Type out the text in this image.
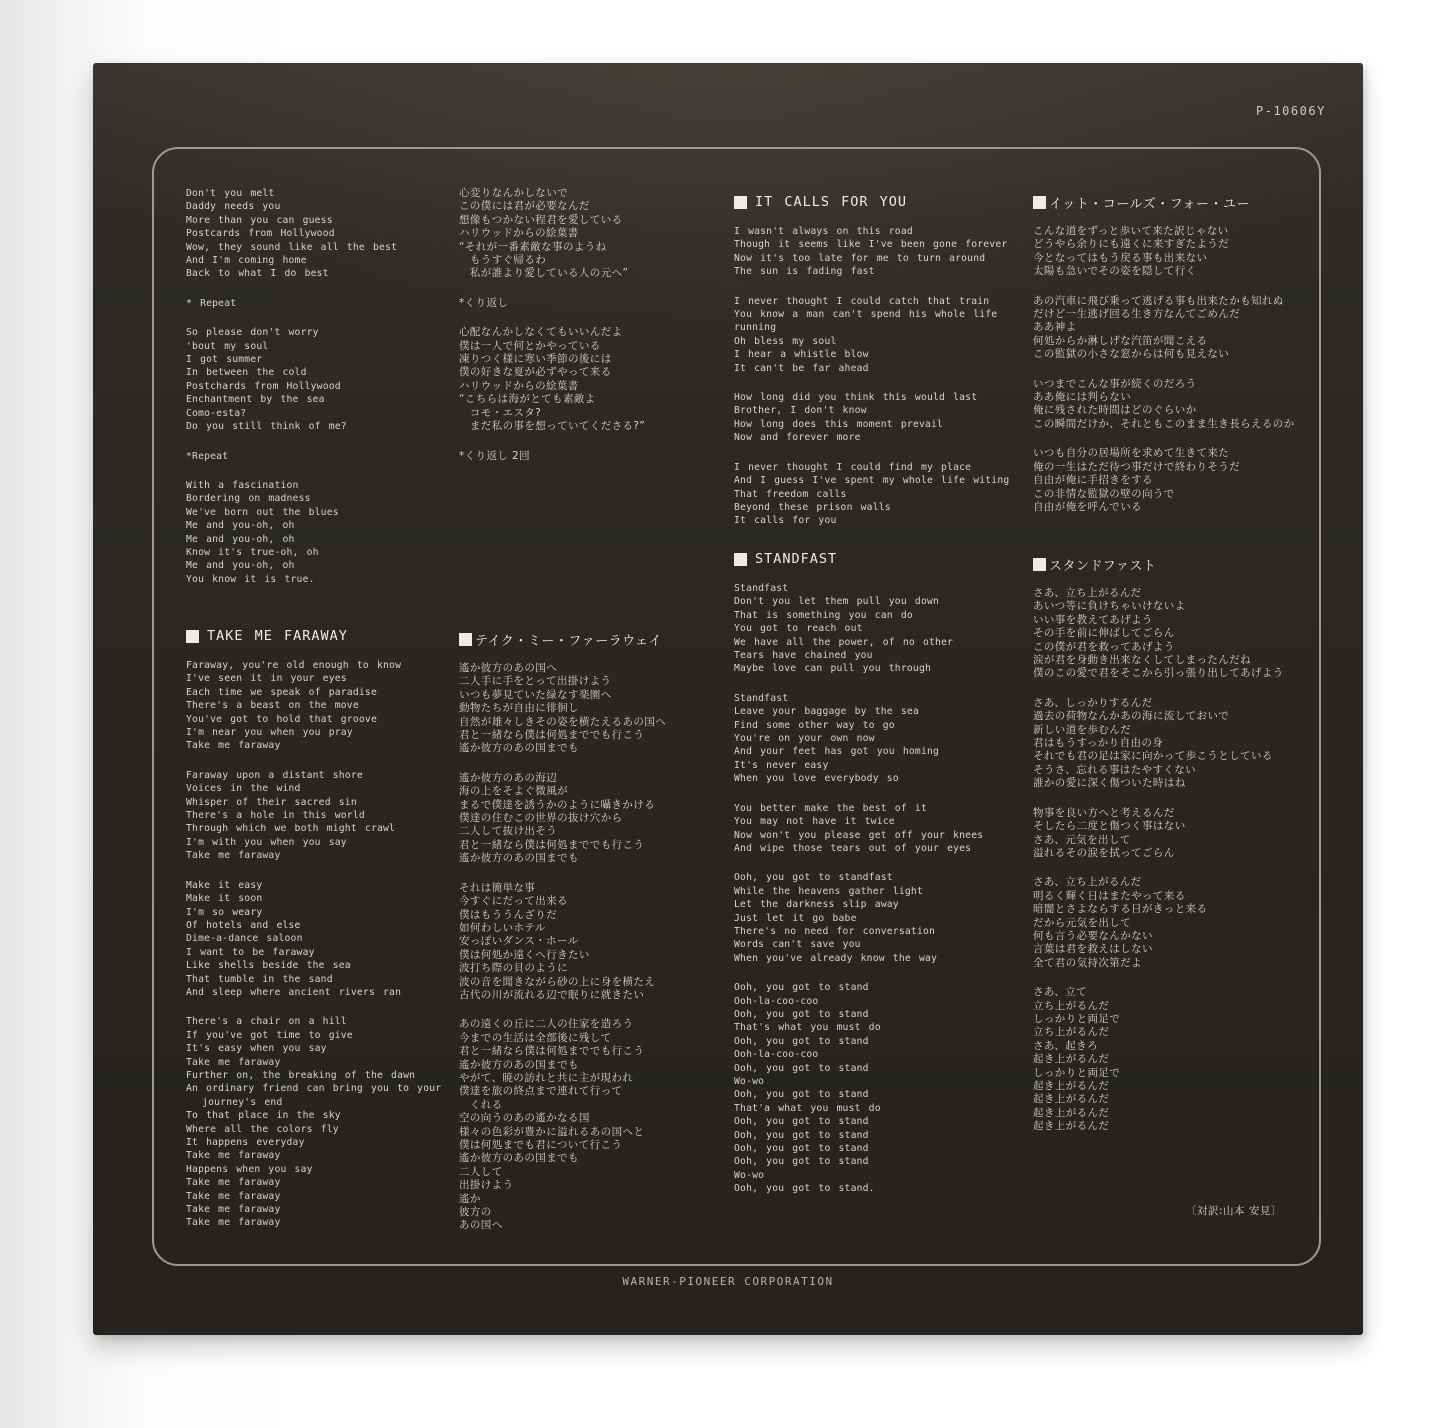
P-10606Y
Don't you melt
Daddy needs you
More than you can guess
Postcards from Hollywood
Wow, they sound like all the best
And I'm coming home
Back to what I do best
* Repeat
So please don't worry
'bout my soul
I got summer
In between the cold
Postchards from Hollywood
Enchantment by the sea
Como-esta?
Do you still think of me?
*Repeat
With a fascination
Bordering on madness
We've born out the blues
Me and you-oh, oh
Me and you-oh, oh
Know it's true-oh, oh
Me and you-oh, oh
You know it is true.
TAKE ME FARAWAY
Faraway, you're old enough to know
I've seen it in your eyes
Each time we speak of paradise
There's a beast on the move
You've got to hold that groove
I'm near you when you pray
Take me faraway
Faraway upon a distant shore
Voices in the wind
Whisper of their sacred sin
There's a hole in this world
Through which we both might crawl
I'm with you when you say
Take me faraway
Make it easy
Make it soon
I'm so weary
Of hotels and else
Dime-a-dance saloon
I want to be faraway
Like shells beside the sea
That tumble in the sand
And sleep where ancient rivers ran
There's a chair on a hill
If you've got time to give
It's easy when you say
Take me faraway
Further on, the breaking of the dawn
An ordinary friend can bring you to your
journey's end
To that place in the sky
Where all the colors fly
It happens everyday
Take me faraway
Happens when you say
Take me faraway
Take me faraway
Take me faraway
Take me faraway
心変りなんかしないで
この僕には君が必要なんだ
想像もつかない程君を愛している
ハリウッドからの絵葉書
“それが一番素敵な事のようね
　もうすぐ帰るわ
　私が誰より愛している人の元へ”
*くり返し
心配なんかしなくてもいいんだよ
僕は一人で何とかやっている
凍りつく様に寒い季節の後には
僕の好きな夏が必ずやって来る
ハリウッドからの絵葉書
“こちらは海がとても素敵よ
　コモ・エスタ?
　まだ私の事を想っていてくださる?”
*くり返し 2回
テイク・ミー・ファーラウェイ
遙か彼方のあの国へ
二人手に手をとって出掛けよう
いつも夢見ていた緑なす楽園へ
動物たちが自由に徘徊し
自然が雄々しきその姿を横たえるあの国へ
君と一緒なら僕は何処まででも行こう
遙か彼方のあの国までも
遙か彼方のあの海辺
海の上をそよぐ微風が
まるで僕達を誘うかのように囁きかける
僕達の住むこの世界の抜け穴から
二人して抜け出そう
君と一緒なら僕は何処まででも行こう
遙か彼方のあの国までも
それは簡単な事
今すぐにだって出来る
僕はもううんざりだ
如何わしいホテル
安っぽいダンス・ホール
僕は何処か遠くへ行きたい
波打ち際の貝のように
波の音を聞きながら砂の上に身を横たえ
古代の川が流れる辺で眠りに就きたい
あの遠くの丘に二人の住家を造ろう
今までの生活は全部後に残して
君と一緒なら僕は何処まででも行こう
遙か彼方のあの国までも
やがて、暁の訪れと共に主が現われ
僕達を旅の終点まで連れて行って
　くれる
空の向うのあの遙かなる国
様々の色彩が豊かに溢れるあの国へと
僕は何処までも君について行こう
遙か彼方のあの国までも
二人して
出掛けよう
遙か
彼方の
あの国へ
IT CALLS FOR YOU
I wasn't always on this road
Though it seems like I've been gone forever
Now it's too late for me to turn around
The sun is fading fast
I never thought I could catch that train
You know a man can't spend his whole life running
Oh bless my soul
I hear a whistle blow
It can't be far ahead
How long did you think this would last
Brother, I don't know
How long does this moment prevail
Now and forever more
I never thought I could find my place
And I guess I've spent my whole life witing
That freedom calls
Beyond these prison walls
It calls for you
STANDFAST
Standfast
Don't you let them pull you down
That is something you can do
You got to reach out
We have all the power, of no other
Tears have chained you
Maybe love can pull you through
Standfast
Leave your baggage by the sea
Find some other way to go
You're on your own now
And your feet has got you homing
It's never easy
When you love everybody so
You better make the best of it
You may not have it twice
Now won't you please get off your knees
And wipe those tears out of your eyes
Ooh, you got to standfast
While the heavens gather light
Let the darkness slip away
Just let it go babe
There's no need for conversation
Words can't save you
When you've already know the way
Ooh, you got to stand
Ooh-la-coo-coo
Ooh, you got to stand
That's what you must do
Ooh, you got to stand
Ooh-la-coo-coo
Ooh, you got to stand
Wo-wo
Ooh, you got to stand
That'a what you must do
Ooh, you got to stand
Ooh, you got to stand
Ooh, you got to stand
Ooh, you got to stand
Wo-wo
Ooh, you got to stand.
イット・コールズ・フォー・ユー
こんな道をずっと歩いて来た訳じゃない
どうやら余りにも遠くに来すぎたようだ
今となってはもう戻る事も出来ない
太陽も急いでその姿を隠して行く
あの汽車に飛び乗って逃げる事も出来たかも知れぬ
だけど一生逃げ回る生き方なんてごめんだ
ああ神よ
何処からか淋しげな汽笛が聞こえる
この監獄の小さな窓からは何も見えない
いつまでこんな事が続くのだろう
ああ俺には判らない
俺に残された時間はどのぐらいか
この瞬間だけか、それともこのまま生き長らえるのか
いつも自分の居場所を求めて生きて来た
俺の一生はただ待つ事だけで終わりそうだ
自由が俺に手招きをする
この非情な監獄の壁の向うで
自由が俺を呼んでいる
スタンドファスト
さあ、立ち上がるんだ
あいつ等に負けちゃいけないよ
いい事を教えてあげよう
その手を前に伸ばしてごらん
この僕が君を救ってあげよう
涙が君を身動き出来なくしてしまったんだね
僕のこの愛で君をそこから引っ張り出してあげよう
さあ、しっかりするんだ
過去の荷物なんかあの海に流しておいで
新しい道を歩むんだ
君はもうすっかり自由の身
それでも君の足は家に向かって歩こうとしている
そうさ、忘れる事はたやすくない
誰かの愛に深く傷ついた時はね
物事を良い方へと考えるんだ
そしたら二度と傷つく事はない
さあ、元気を出して
溢れるその涙を拭ってごらん
さあ、立ち上がるんだ
明るく輝く日はまたやって来る
暗闇とさよならする日がきっと来る
だから元気を出して
何も言う必要なんかない
言葉は君を救えはしない
全て君の気持次第だよ
さあ、立て
立ち上がるんだ
しっかりと両足で
立ち上がるんだ
さあ、起きろ
起き上がるんだ
しっかりと両足で
起き上がるんだ
起き上がるんだ
起き上がるんだ
起き上がるんだ
〔対訳:山本 安見〕
WARNER-PIONEER CORPORATION
